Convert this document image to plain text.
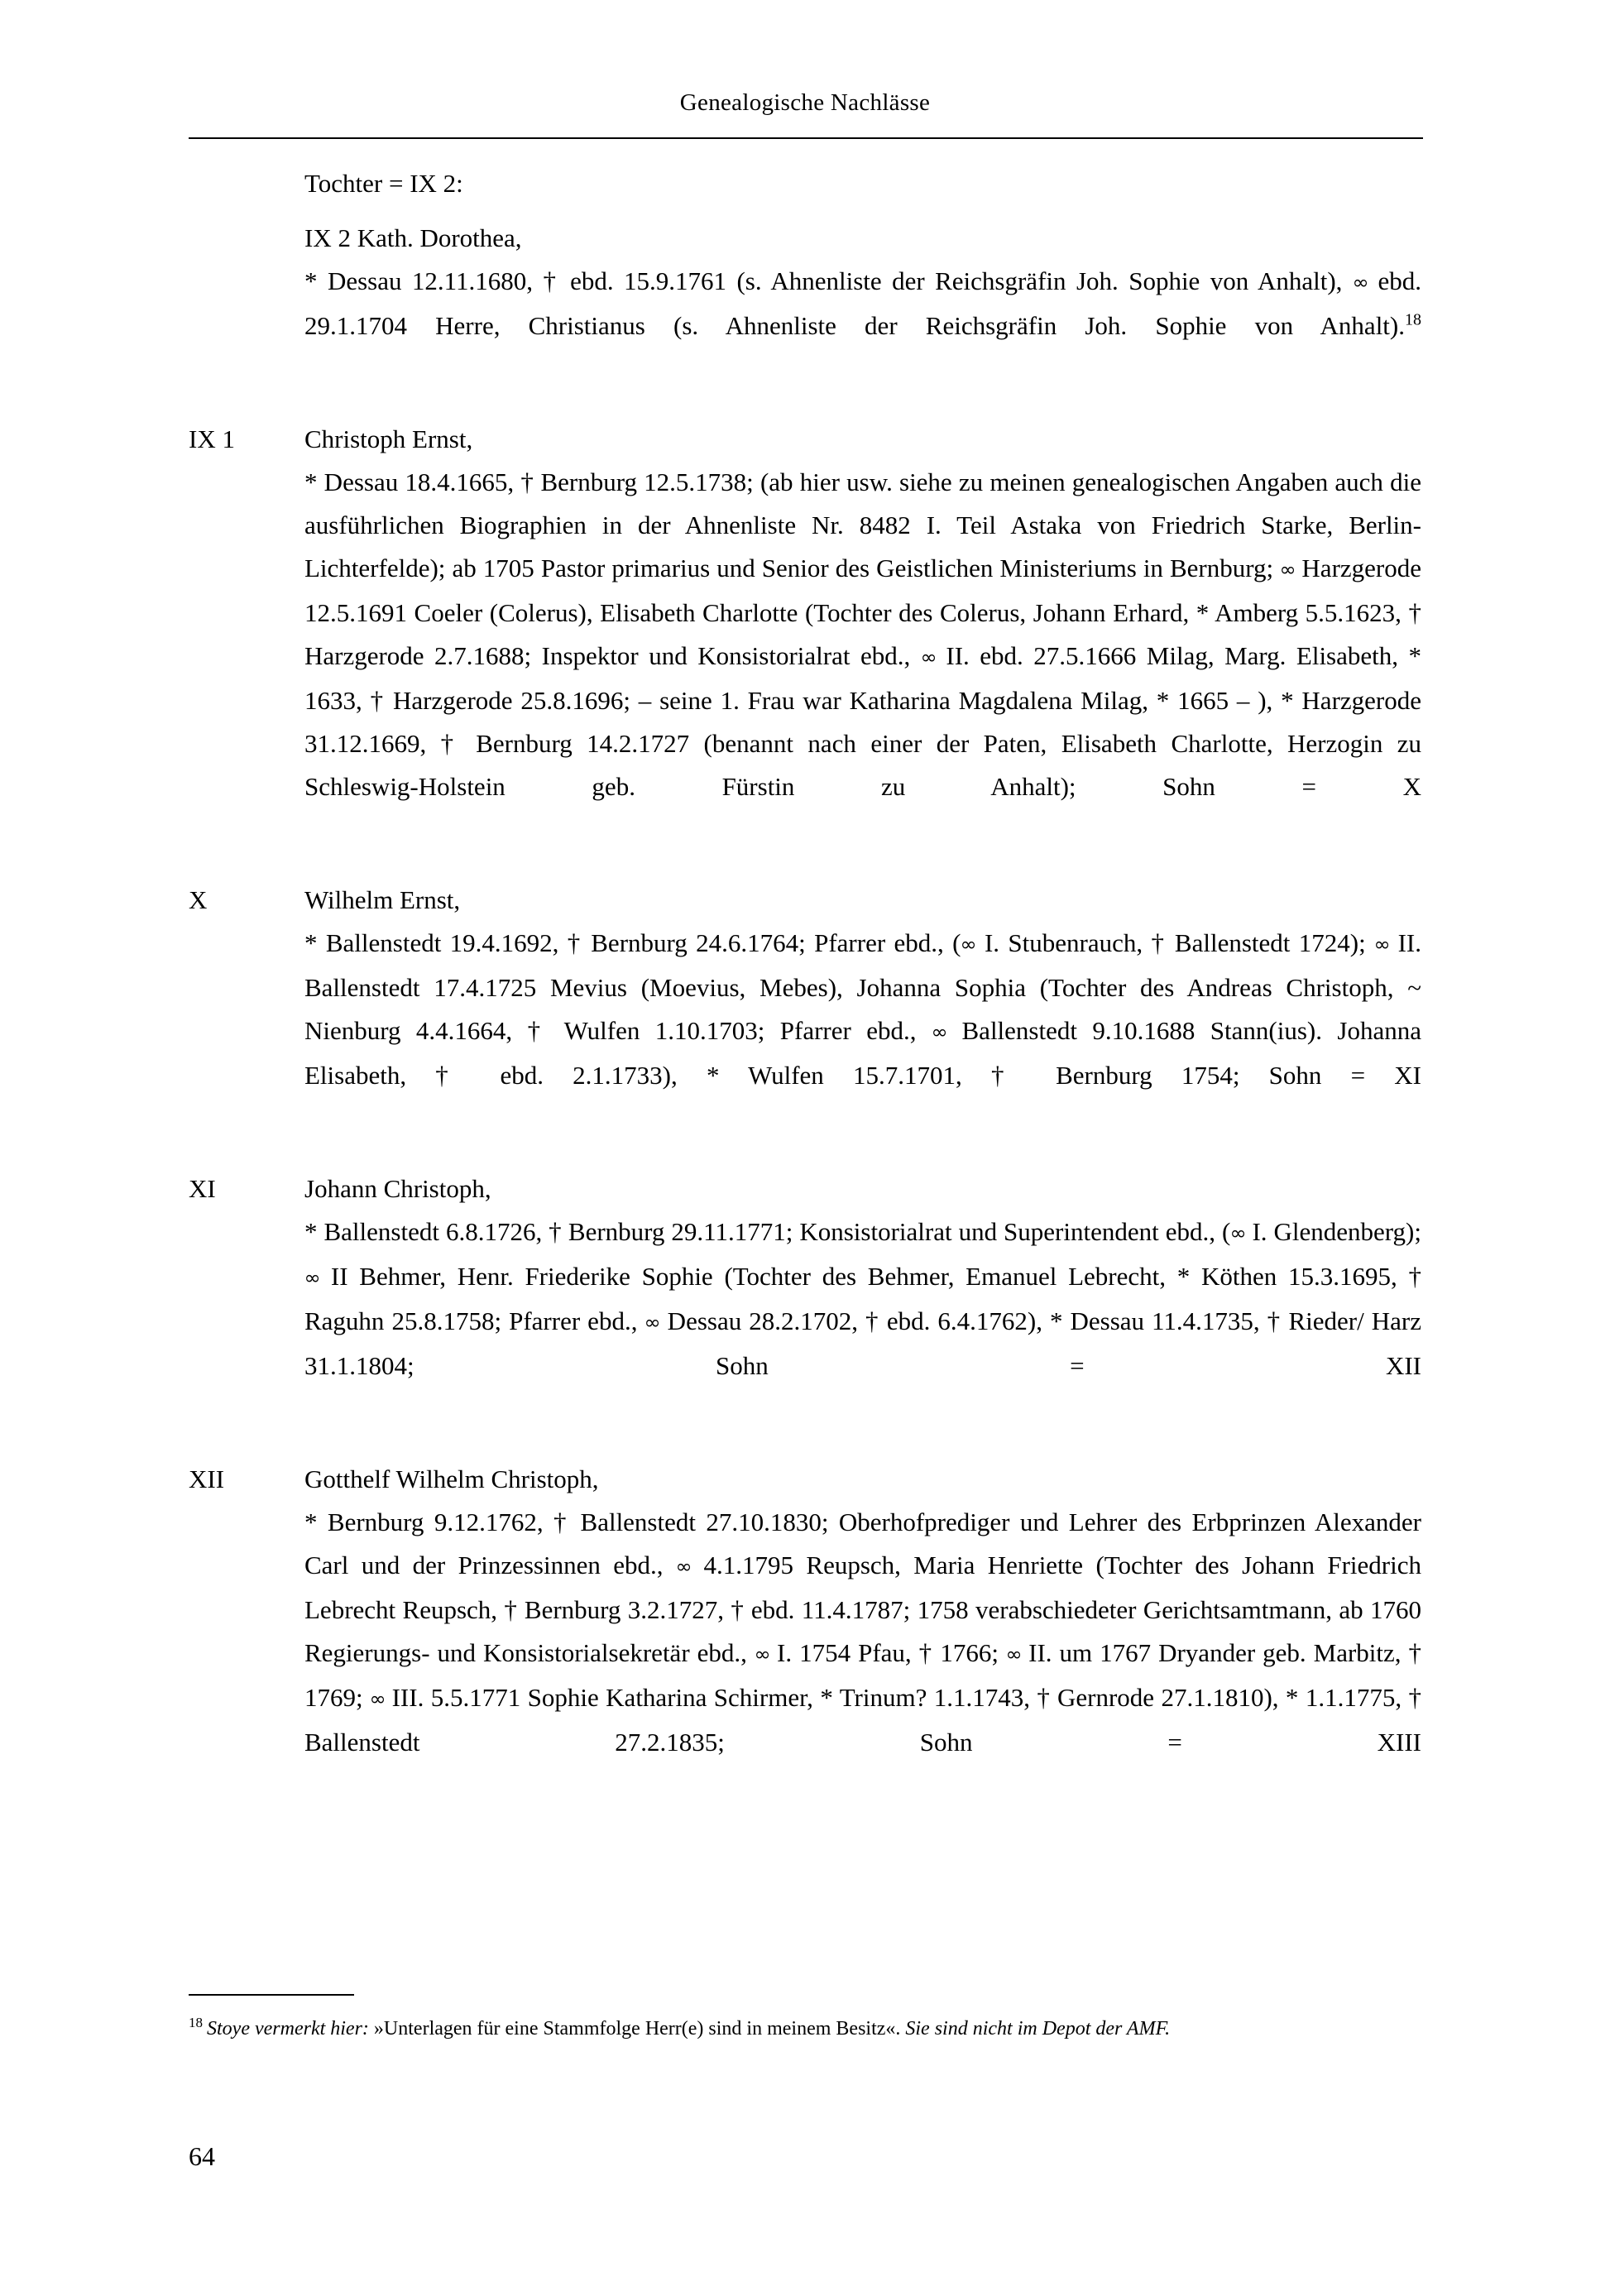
Genealogische Nachlässe
Tochter = IX 2:
IX 2 Kath. Dorothea,
* Dessau 12.11.1680, † ebd. 15.9.1761 (s. Ahnenliste der Reichsgräfin Joh. Sophie von Anhalt), ∞ ebd. 29.1.1704 Herre, Christianus (s. Ahnenliste der Reichsgräfin Joh. Sophie von Anhalt).$^{18}$
IX 1	Christoph Ernst,
* Dessau 18.4.1665, † Bernburg 12.5.1738; (ab hier usw. siehe zu meinen genealogischen Angaben auch die ausführlichen Biographien in der Ahnenliste Nr. 8482 I. Teil Astaka von Friedrich Starke, Berlin-Lichterfelde); ab 1705 Pastor primarius und Senior des Geistlichen Ministeriums in Bernburg; ∞ Harzgerode 12.5.1691 Coeler (Colerus), Elisabeth Charlotte (Tochter des Colerus, Johann Erhard, * Amberg 5.5.1623, † Harzgerode 2.7.1688; Inspektor und Konsistorialrat ebd., ∞ II. ebd. 27.5.1666 Milag, Marg. Elisabeth, * 1633, † Harzgerode 25.8.1696; – seine 1. Frau war Katharina Magdalena Milag, * 1665 – ), * Harzgerode 31.12.1669, † Bernburg 14.2.1727 (benannt nach einer der Paten, Elisabeth Charlotte, Herzogin zu Schleswig-Holstein geb. Fürstin zu Anhalt); Sohn = X
X	Wilhelm Ernst,
* Ballenstedt 19.4.1692, † Bernburg 24.6.1764; Pfarrer ebd., (∞ I. Stubenrauch, † Ballenstedt 1724); ∞ II. Ballenstedt 17.4.1725 Mevius (Moevius, Mebes), Johanna Sophia (Tochter des Andreas Christoph, ~ Nienburg 4.4.1664, † Wulfen 1.10.1703; Pfarrer ebd., ∞ Ballenstedt 9.10.1688 Stann(ius). Johanna Elisabeth, † ebd. 2.1.1733), * Wulfen 15.7.1701, † Bernburg 1754; Sohn = XI
XI	Johann Christoph,
* Ballenstedt 6.8.1726, † Bernburg 29.11.1771; Konsistorialrat und Superintendent ebd., (∞ I. Glendenberg); ∞ II Behmer, Henr. Friederike Sophie (Tochter des Behmer, Emanuel Lebrecht, * Köthen 15.3.1695, † Raguhn 25.8.1758; Pfarrer ebd., ∞ Dessau 28.2.1702, † ebd. 6.4.1762), * Dessau 11.4.1735, † Rieder/ Harz 31.1.1804; Sohn = XII
XII	Gotthelf Wilhelm Christoph,
* Bernburg 9.12.1762, † Ballenstedt 27.10.1830; Oberhofprediger und Lehrer des Erbprinzen Alexander Carl und der Prinzessinnen ebd., ∞ 4.1.1795 Reupsch, Maria Henriette (Tochter des Johann Friedrich Lebrecht Reupsch, † Bernburg 3.2.1727, † ebd. 11.4.1787; 1758 verabschiedeter Gerichtsamtmann, ab 1760 Regierungs- und Konsistorialsekretär ebd., ∞ I. 1754 Pfau, † 1766; ∞ II. um 1767 Dryander geb. Marbitz, † 1769; ∞ III. 5.5.1771 Sophie Katharina Schirmer, * Trinum? 1.1.1743, † Gernrode 27.1.1810), * 1.1.1775, † Ballenstedt 27.2.1835; Sohn = XIII
$^{18}$ Stoye vermerkt hier: »Unterlagen für eine Stammfolge Herr(e) sind in meinem Besitz«. Sie sind nicht im Depot der AMF.
64
